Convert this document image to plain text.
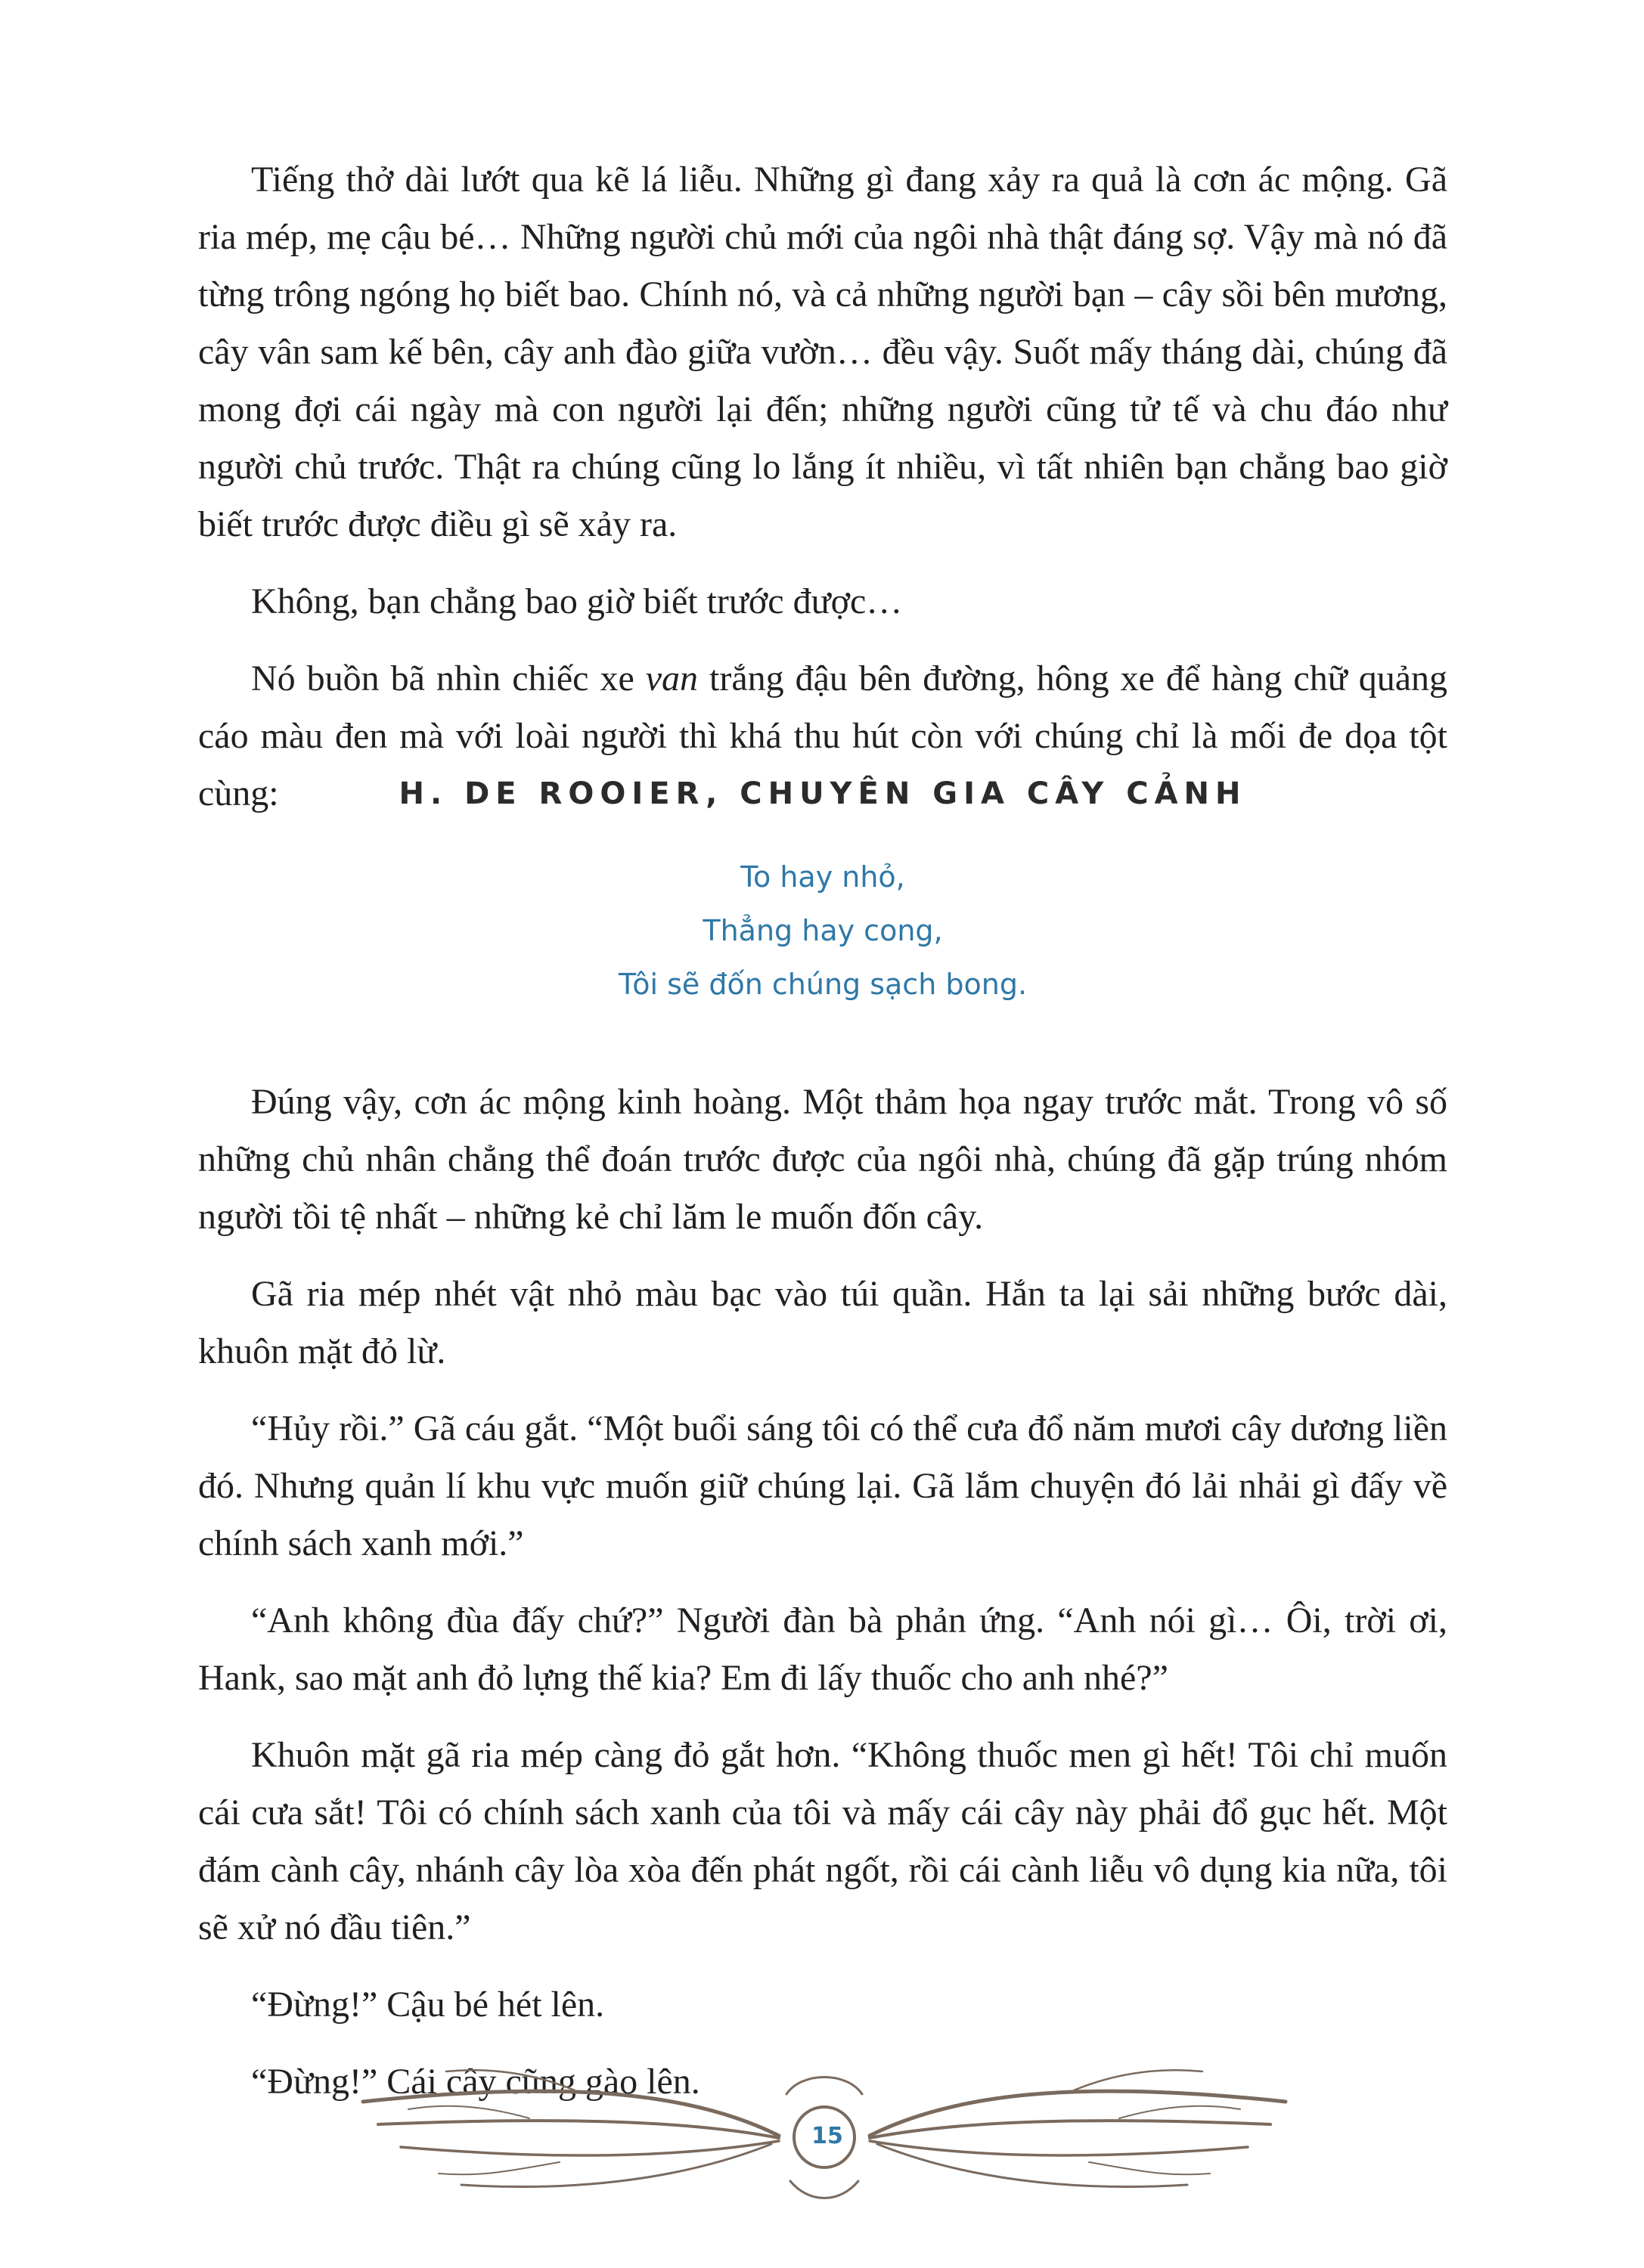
Tiếng thở dài lướt qua kẽ lá liễu. Những gì đang xảy ra quả là cơn ác mộng. Gã ria mép, mẹ cậu bé… Những người chủ mới của ngôi nhà thật đáng sợ. Vậy mà nó đã từng trông ngóng họ biết bao. Chính nó, và cả những người bạn – cây sồi bên mương, cây vân sam kế bên, cây anh đào giữa vườn… đều vậy. Suốt mấy tháng dài, chúng đã mong đợi cái ngày mà con người lại đến; những người cũng tử tế và chu đáo như người chủ trước. Thật ra chúng cũng lo lắng ít nhiều, vì tất nhiên bạn chẳng bao giờ biết trước được điều gì sẽ xảy ra.

Không, bạn chẳng bao giờ biết trước được…

Nó buồn bã nhìn chiếc xe van trắng đậu bên đường, hông xe để hàng chữ quảng cáo màu đen mà với loài người thì khá thu hút còn với chúng chỉ là mối đe dọa tột cùng:	H. DE ROOIER, CHUYÊN GIA CÂY CẢNH
To hay nhỏ,
Thẳng hay cong,
Tôi sẽ đốn chúng sạch bong.

Đúng vậy, cơn ác mộng kinh hoàng. Một thảm họa ngay trước mắt. Trong vô số những chủ nhân chẳng thể đoán trước được của ngôi nhà, chúng đã gặp trúng nhóm người tồi tệ nhất – những kẻ chỉ lăm le muốn đốn cây.

Gã ria mép nhét vật nhỏ màu bạc vào túi quần. Hắn ta lại sải những bước dài, khuôn mặt đỏ lừ.

“Hủy rồi.” Gã cáu gắt. “Một buổi sáng tôi có thể cưa đổ năm mươi cây dương liền đó. Nhưng quản lí khu vực muốn giữ chúng lại. Gã lắm chuyện đó lải nhải gì đấy về chính sách xanh mới.”

“Anh không đùa đấy chứ?” Người đàn bà phản ứng. “Anh nói gì… Ôi, trời ơi, Hank, sao mặt anh đỏ lựng thế kia? Em đi lấy thuốc cho anh nhé?”

Khuôn mặt gã ria mép càng đỏ gắt hơn. “Không thuốc men gì hết! Tôi chỉ muốn cái cưa sắt! Tôi có chính sách xanh của tôi và mấy cái cây này phải đổ gục hết. Một đám cành cây, nhánh cây lòa xòa đến phát ngốt, rồi cái cành liễu vô dụng kia nữa, tôi sẽ xử nó đầu tiên.”

“Đừng!” Cậu bé hét lên.

“Đừng!” Cái cây cũng gào lên.

15
